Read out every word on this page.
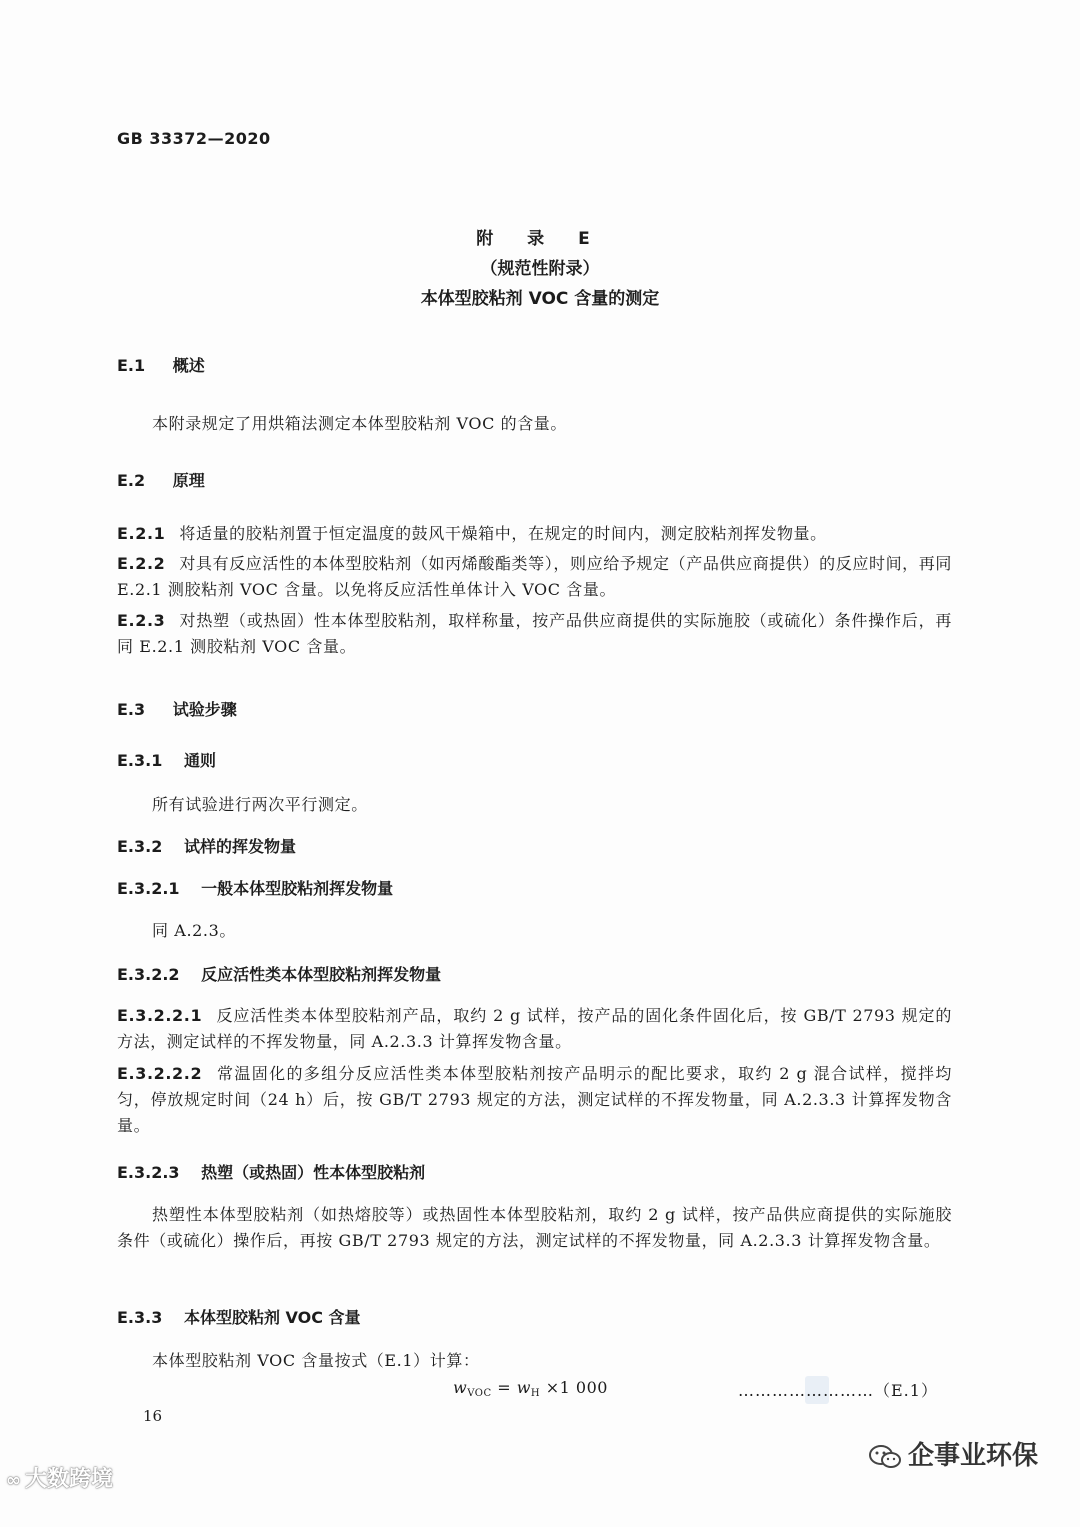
GB 33372—2020
附 录 E
（规范性附录）
本体型胶粘剂 VOC 含量的测定
E.1 概述
本附录规定了用烘箱法测定本体型胶粘剂 VOC 的含量。
E.2 原理
E.2.1 将适量的胶粘剂置于恒定温度的鼓风干燥箱中，在规定的时间内，测定胶粘剂挥发物量。
E.2.2 对具有反应活性的本体型胶粘剂（如丙烯酸酯类等），则应给予规定（产品供应商提供）的反应时间，再同 E.2.1 测胶粘剂 VOC 含量。以免将反应活性单体计入 VOC 含量。
E.2.3 对热塑（或热固）性本体型胶粘剂，取样称量，按产品供应商提供的实际施胶（或硫化）条件操作后，再同 E.2.1 测胶粘剂 VOC 含量。
E.3 试验步骤
E.3.1 通则
所有试验进行两次平行测定。
E.3.2 试样的挥发物量
E.3.2.1 一般本体型胶粘剂挥发物量
同 A.2.3。
E.3.2.2 反应活性类本体型胶粘剂挥发物量
E.3.2.2.1 反应活性类本体型胶粘剂产品，取约 2 g 试样，按产品的固化条件固化后，按 GB/T 2793 规定的方法，测定试样的不挥发物量，同 A.2.3.3 计算挥发物含量。
E.3.2.2.2 常温固化的多组分反应活性类本体型胶粘剂按产品明示的配比要求，取约 2 g 混合试样，搅拌均匀，停放规定时间（24 h）后，按 GB/T 2793 规定的方法，测定试样的不挥发物量，同 A.2.3.3 计算挥发物含量。
E.3.2.3 热塑（或热固）性本体型胶粘剂
热塑性本体型胶粘剂（如热熔胶等）或热固性本体型胶粘剂，取约 2 g 试样，按产品供应商提供的实际施胶条件（或硫化）操作后，再按 GB/T 2793 规定的方法，测定试样的不挥发物量，同 A.2.3.3 计算挥发物含量。
E.3.3 本体型胶粘剂 VOC 含量
本体型胶粘剂 VOC 含量按式（E.1）计算：
$w_{VOC} = w_H \times 1$ 000	……………………（E.1）
16
∞ 大数跨境
企事业环保
